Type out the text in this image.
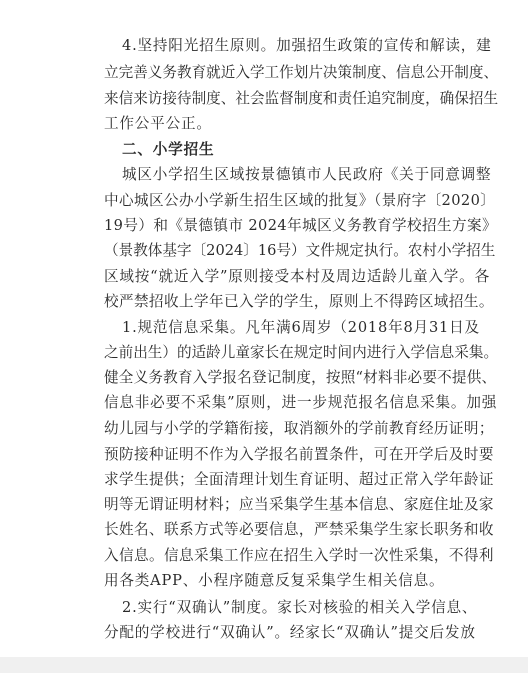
4.坚持阳光招生原则。加强招生政策的宣传和解读，建
立完善义务教育就近入学工作划片决策制度、信息公开制度、
来信来访接待制度、社会监督制度和责任追究制度，确保招生
工作公平公正。
二、小学招生
城区小学招生区域按景德镇市人民政府《关于同意调整
中心城区公办小学新生招生区域的批复》（景府字〔2020〕
19号）和《景德镇市 2024年城区义务教育学校招生方案》
（景教体基字〔2024〕16号）文件规定执行。农村小学招生
区域按“就近入学”原则接受本村及周边适龄儿童入学。各
校严禁招收上学年已入学的学生，原则上不得跨区域招生。
1.规范信息采集。凡年满6周岁（2018年8月31日及
之前出生）的适龄儿童家长在规定时间内进行入学信息采集。
健全义务教育入学报名登记制度，按照“材料非必要不提供、
信息非必要不采集”原则，进一步规范报名信息采集。加强
幼儿园与小学的学籍衔接，取消额外的学前教育经历证明；
预防接种证明不作为入学报名前置条件，可在开学后及时要
求学生提供；全面清理计划生育证明、超过正常入学年龄证
明等无谓证明材料；应当采集学生基本信息、家庭住址及家
长姓名、联系方式等必要信息，严禁采集学生家长职务和收
入信息。信息采集工作应在招生入学时一次性采集，不得利
用各类APP、小程序随意反复采集学生相关信息。
2.实行“双确认”制度。家长对核验的相关入学信息、
分配的学校进行“双确认”。经家长“双确认”提交后发放
